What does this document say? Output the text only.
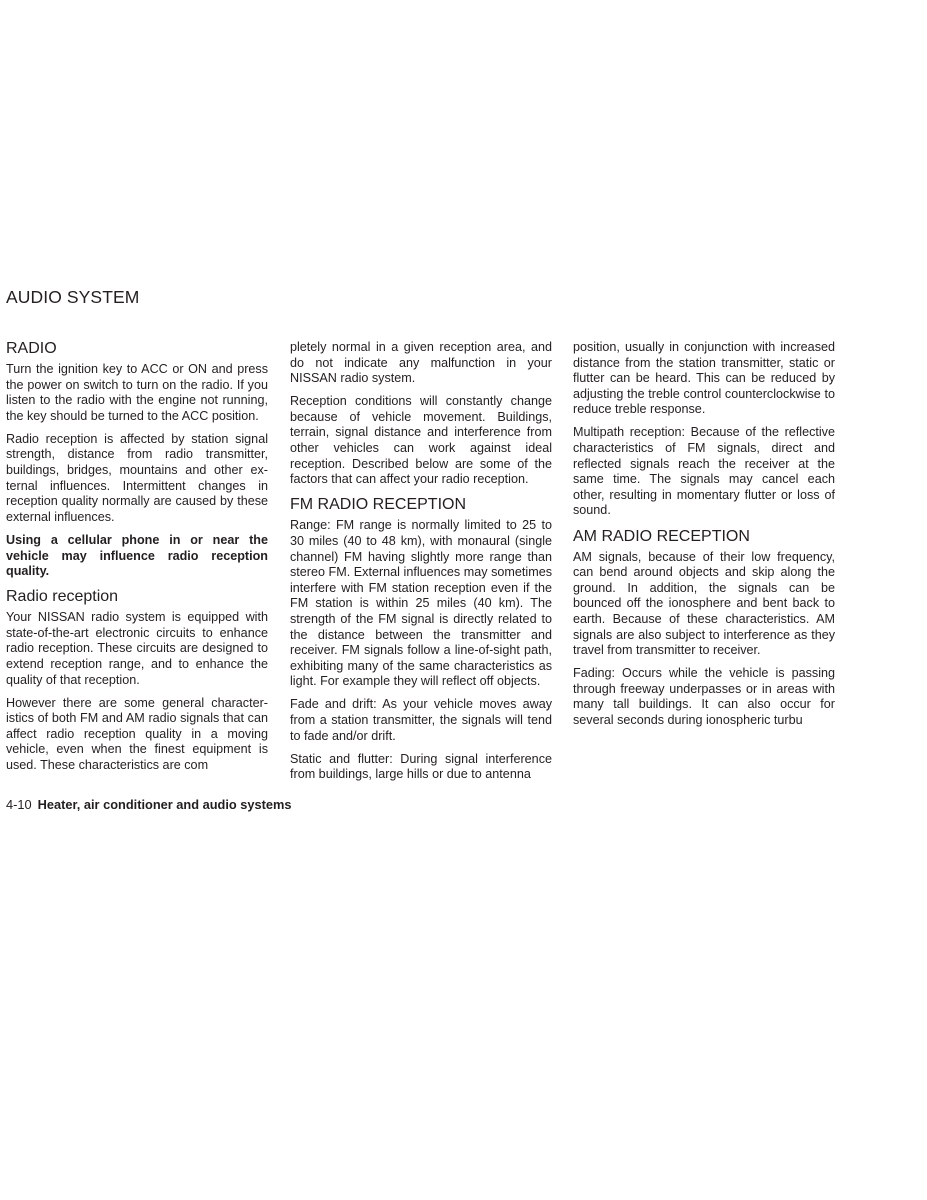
AUDIO SYSTEM
RADIO

Turn the ignition key to ACC or ON and press the power on switch to turn on the radio. If you listen to the radio with the engine not running, the key should be turned to the ACC position.

Radio reception is affected by station signal strength, distance from radio transmitter, buildings, bridges, mountains and other external influences. Intermittent changes in reception quality normally are caused by these external influences.

Using a cellular phone in or near the vehicle may influence radio reception quality.

Radio reception

Your NISSAN radio system is equipped with state-of-the-art electronic circuits to enhance radio reception. These circuits are designed to extend reception range, and to enhance the quality of that reception.

However there are some general characteristics of both FM and AM radio signals that can affect radio reception quality in a moving vehicle, even when the finest equipment is used. These characteristics are com

pletely normal in a given reception area, and do not indicate any malfunction in your NISSAN radio system.

Reception conditions will constantly change because of vehicle movement. Buildings, terrain, signal distance and interference from other vehicles can work against ideal reception. Described below are some of the factors that can affect your radio reception.

FM RADIO RECEPTION

Range: FM range is normally limited to 25 to 30 miles (40 to 48 km), with monaural (single channel) FM having slightly more range than stereo FM. External influences may sometimes interfere with FM station reception even if the FM station is within 25 miles (40 km). The strength of the FM signal is directly related to the distance between the transmitter and receiver. FM signals follow a line-of-sight path, exhibiting many of the same characteristics as light. For example they will reflect off objects.

Fade and drift: As your vehicle moves away from a station transmitter, the signals will tend to fade and/or drift.

Static and flutter: During signal interference from buildings, large hills or due to antenna

position, usually in conjunction with increased distance from the station transmitter, static or flutter can be heard. This can be reduced by adjusting the treble control counterclockwise to reduce treble response.

Multipath reception: Because of the reflective characteristics of FM signals, direct and reflected signals reach the receiver at the same time. The signals may cancel each other, resulting in momentary flutter or loss of sound.

AM RADIO RECEPTION

AM signals, because of their low frequency, can bend around objects and skip along the ground. In addition, the signals can be bounced off the ionosphere and bent back to earth. Because of these characteristics. AM signals are also subject to interference as they travel from transmitter to receiver.

Fading: Occurs while the vehicle is passing through freeway underpasses or in areas with many tall buildings. It can also occur for several seconds during ionospheric turbu

4-10 Heater, air conditioner and audio systems
